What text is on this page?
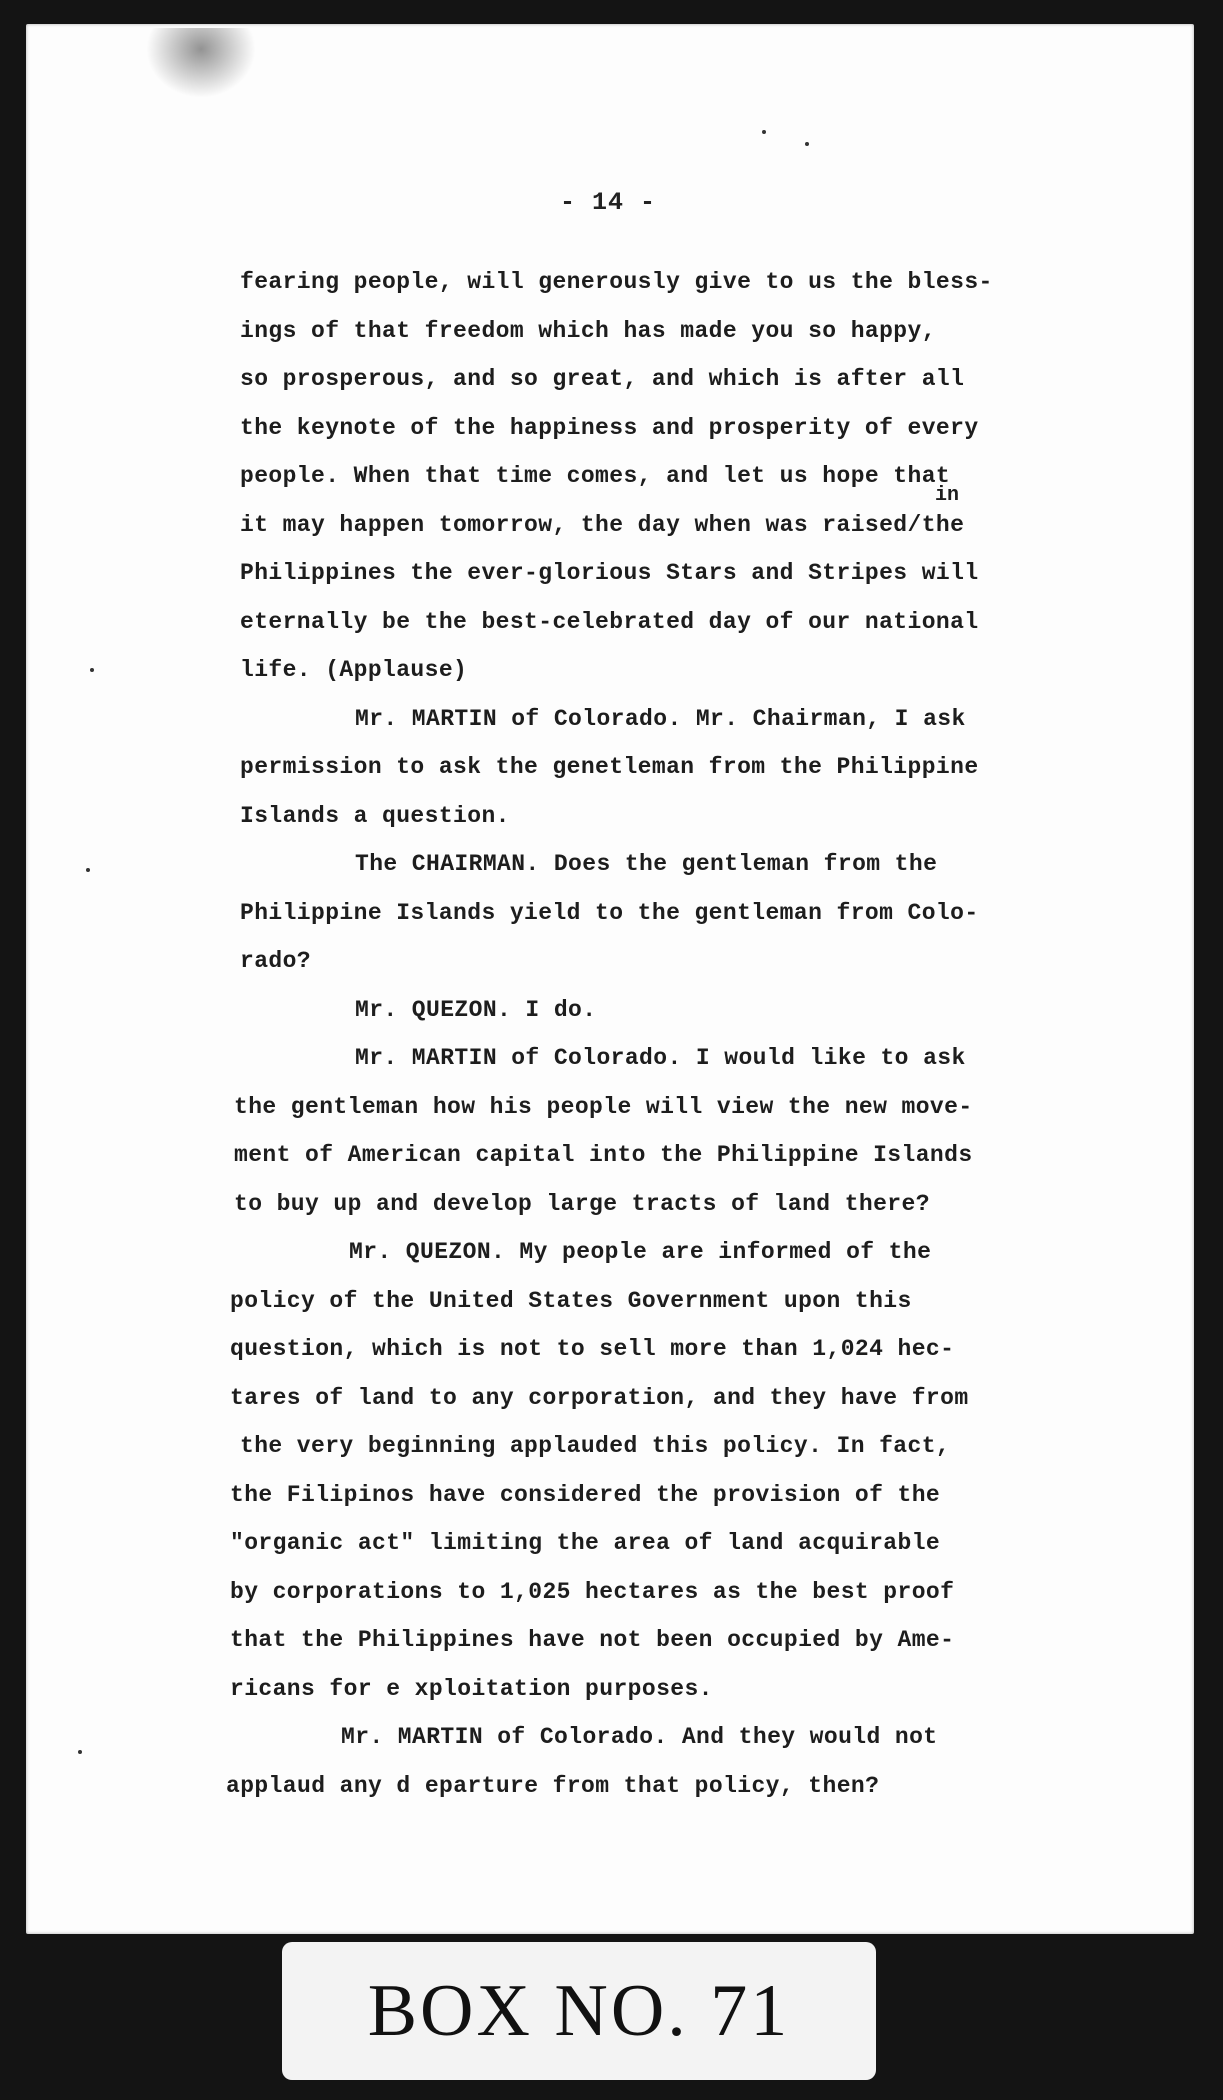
- 14 -
in
fearing people, will generously give to us the bless-
ings of that freedom which has made you so happy,
so prosperous, and so great, and which is after all
the keynote of the happiness and prosperity of every
people. When that time comes, and let us hope that
it may happen tomorrow, the day when was raised/the
Philippines the ever-glorious Stars and Stripes will
eternally be the best-celebrated day of our national
life. (Applause)
Mr. MARTIN of Colorado. Mr. Chairman, I ask
permission to ask the genetleman from the Philippine
Islands a question.
The CHAIRMAN. Does the gentleman from the
Philippine Islands yield to the gentleman from Colo-
rado?
Mr. QUEZON. I do.
Mr. MARTIN of Colorado. I would like to ask
the gentleman how his people will view the new move-
ment of American capital into the Philippine Islands
to buy up and develop large tracts of land there?
Mr. QUEZON. My people are informed of the
policy of the United States Government upon this
question, which is not to sell more than 1,024 hec-
tares of land to any corporation, and they have from
the very beginning applauded this policy. In fact,
the Filipinos have considered the provision of the
"organic act" limiting the area of land acquirable
by corporations to 1,025 hectares as the best proof
that the Philippines have not been occupied by Ame-
ricans for e xploitation purposes.
Mr. MARTIN of Colorado. And they would not
applaud any d eparture from that policy, then?
BOX NO. 71
